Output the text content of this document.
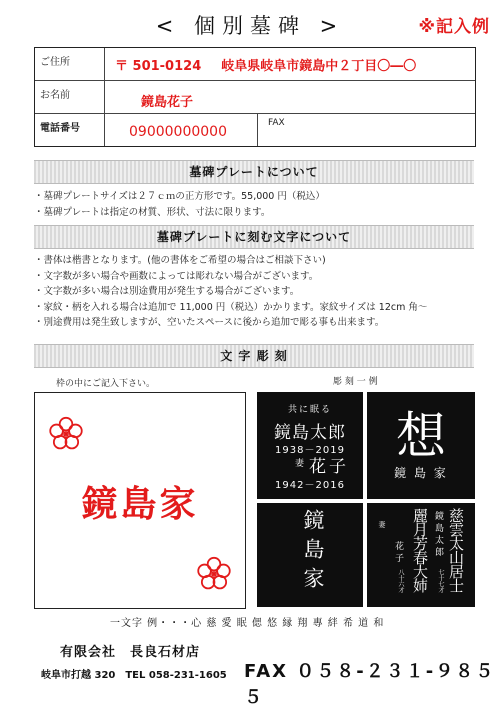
< 個別墓碑 >	※記入例
ご住所	〒 501-0124 岐阜県岐阜市鏡島中２丁目〇―〇
お名前	鏡島花子
電話番号	09000000000
FAX
墓碑プレートについて
・墓碑プレートサイズは２７ｃｍの正方形です。55,000 円（税込）
・墓碑プレートは指定の材質、形状、寸法に限ります。
墓碑プレートに刻む文字について
・書体は楷書となります。(他の書体をご希望の場合はご相談下さい)
・文字数が多い場合や画数によっては彫れない場合がございます。
・文字数が多い場合は別途費用が発生する場合がございます。
・家紋・柄を入れる場合は追加で 11,000 円（税込）かかります。家紋サイズは 12cm 角～
・別途費用は発生致しますが、空いたスペースに後から追加で彫る事も出来ます。
文 字 彫 刻
枠の中にご記入下さい。	彫 刻 一 例
鏡島家
共に眠る
鏡島太郎
1938－2019
妻 花子
1942－2016
想
鏡 島 家
鏡島家	慈雲太山居士
鏡島太郎
七十七才
麗月芳春大姉
妻
花子
八十六才
一文字 例・・・心 慈 愛 眠 偲 悠 縁 翔 專 絆 希 道 和
有限会社　長良石材店
岐阜市打越 320　TEL 058-231-1605 FAX ０５８-２３１-９８５５
